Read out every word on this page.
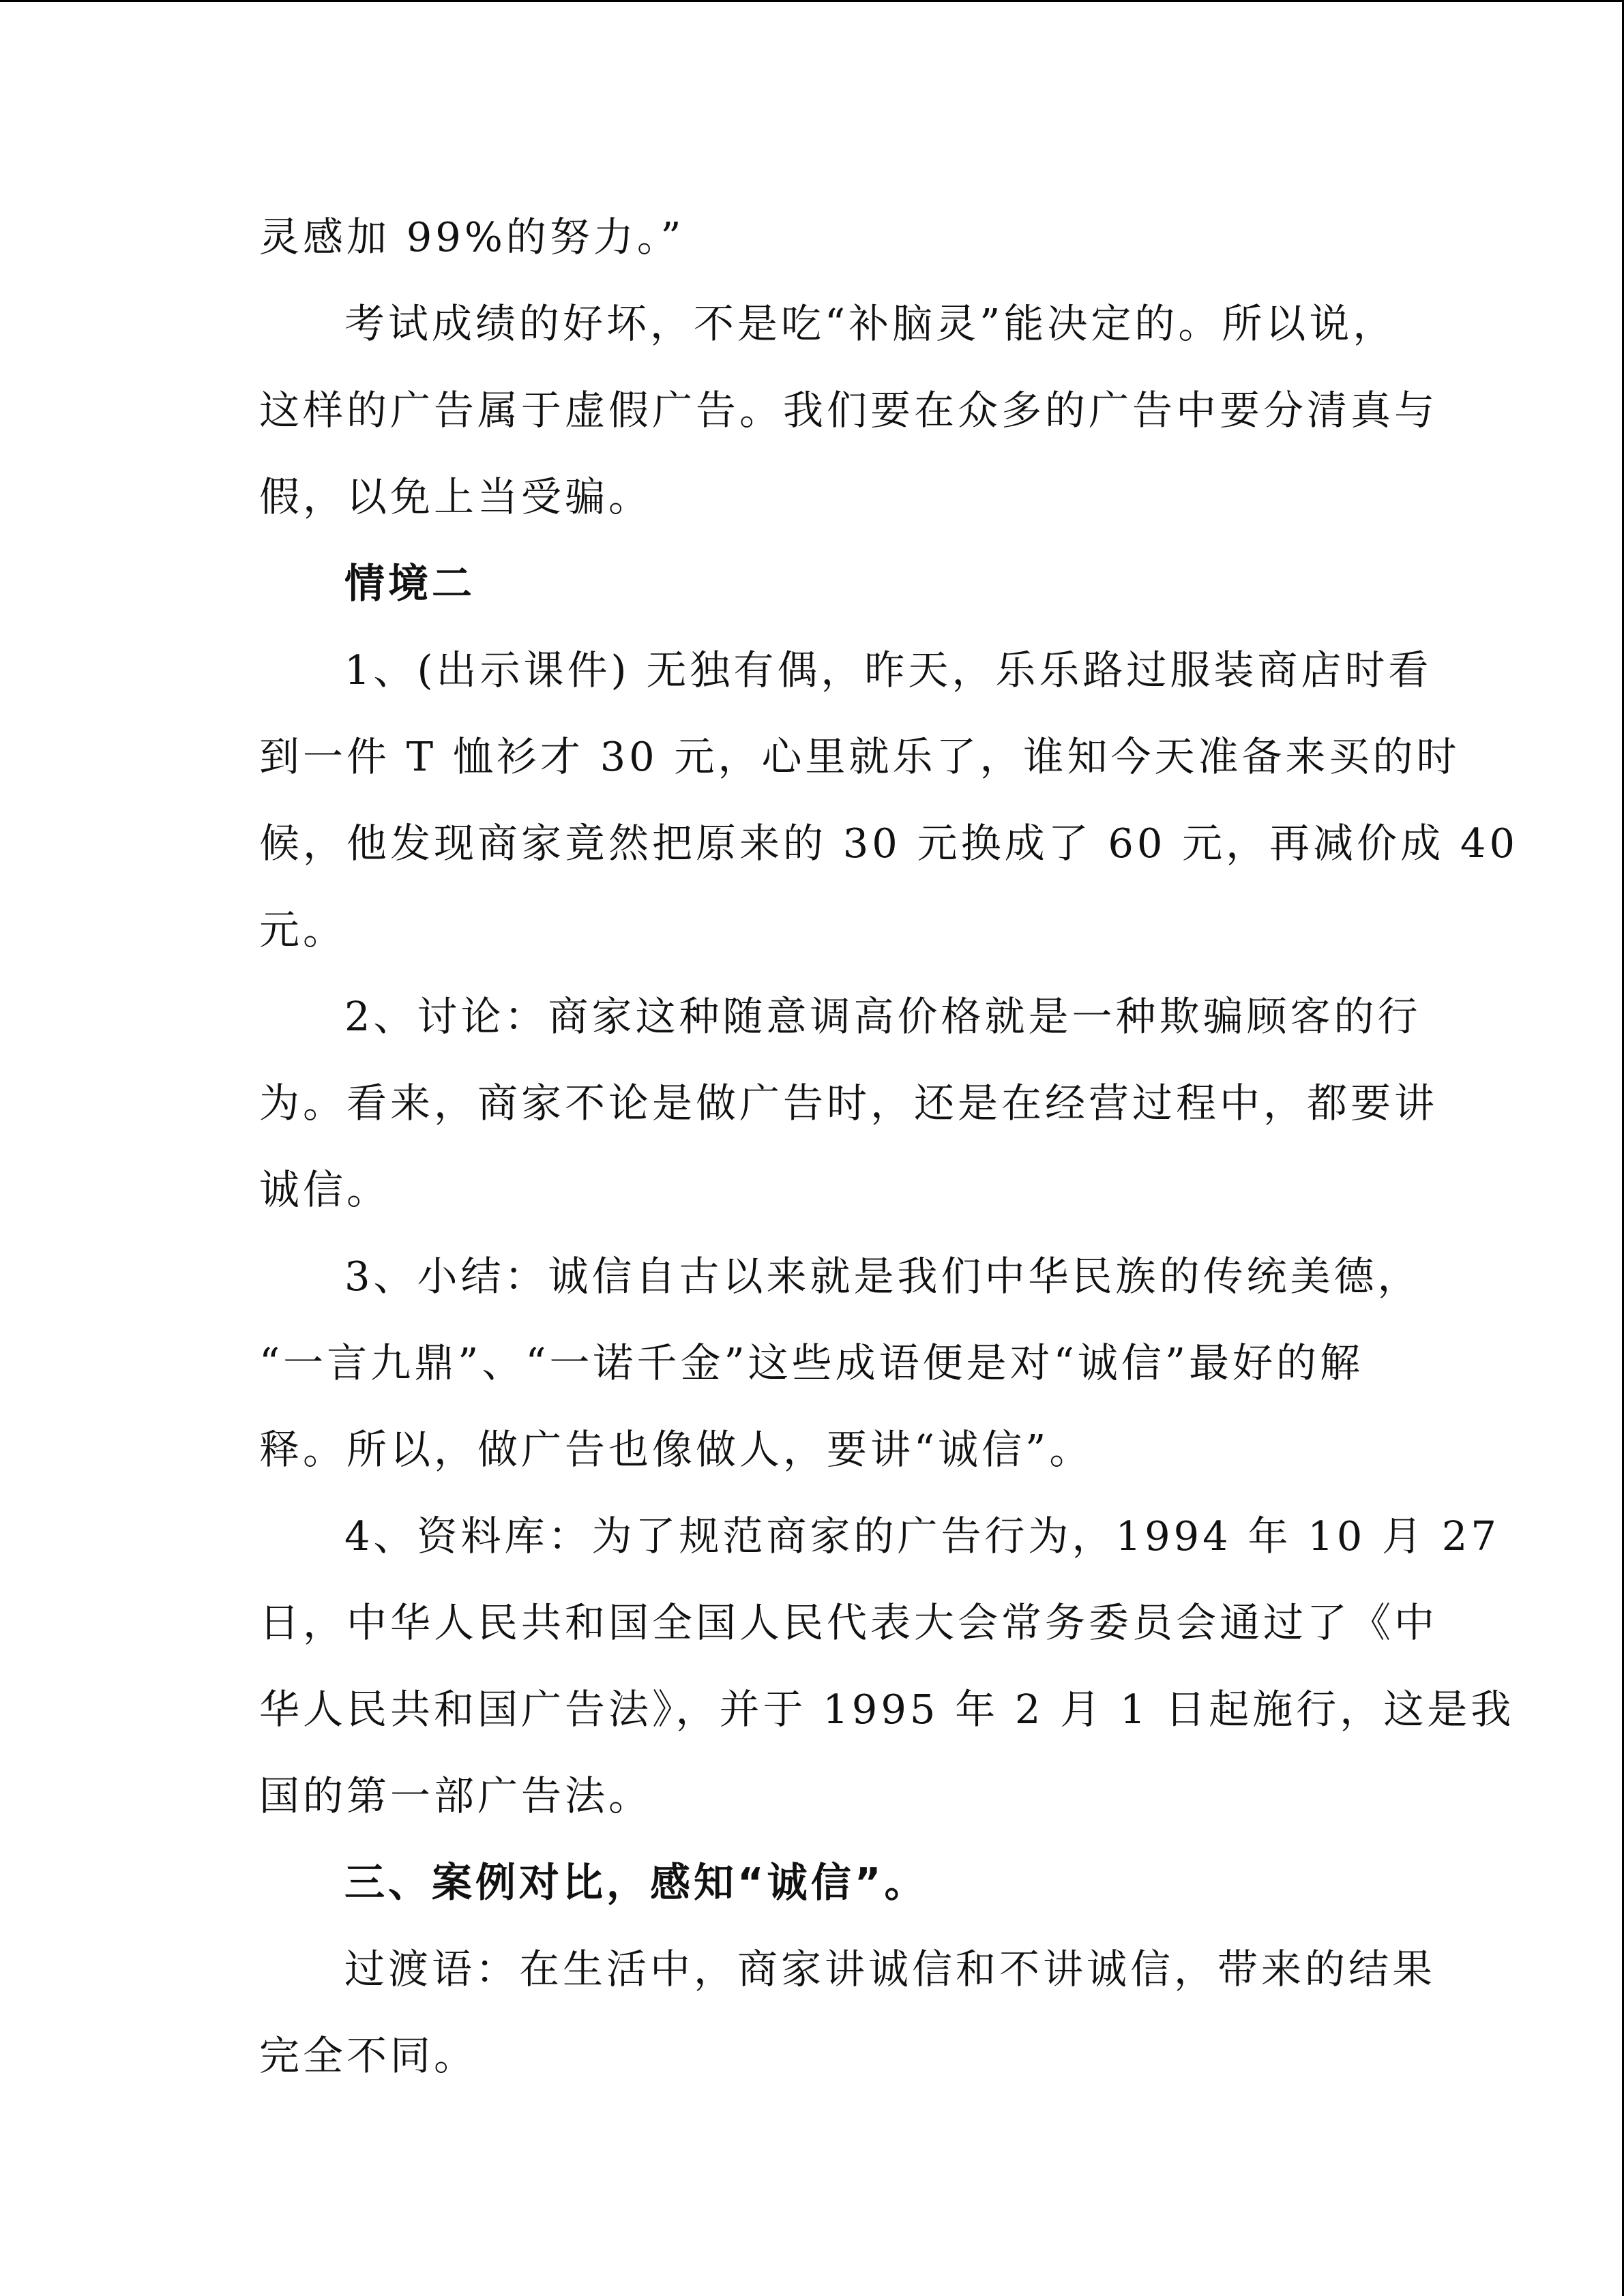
灵感加 99%的努力。”
考试成绩的好坏，不是吃“补脑灵”能决定的。所以说，
这样的广告属于虚假广告。我们要在众多的广告中要分清真与
假，以免上当受骗。
情境二
1、(出示课件) 无独有偶，昨天，乐乐路过服装商店时看
到一件 T 恤衫才 30 元，心里就乐了，谁知今天准备来买的时
候，他发现商家竟然把原来的 30 元换成了 60 元，再减价成 40
元。
2、讨论：商家这种随意调高价格就是一种欺骗顾客的行
为。看来，商家不论是做广告时，还是在经营过程中，都要讲
诚信。
3、小结：诚信自古以来就是我们中华民族的传统美德，
“一言九鼎”、“一诺千金”这些成语便是对“诚信”最好的解
释。所以，做广告也像做人，要讲“诚信”。
4、资料库：为了规范商家的广告行为，1994 年 10 月 27
日，中华人民共和国全国人民代表大会常务委员会通过了《中
华人民共和国广告法》，并于 1995 年 2 月 1 日起施行，这是我
国的第一部广告法。
三、案例对比，感知“诚信”。
过渡语：在生活中，商家讲诚信和不讲诚信，带来的结果
完全不同。
